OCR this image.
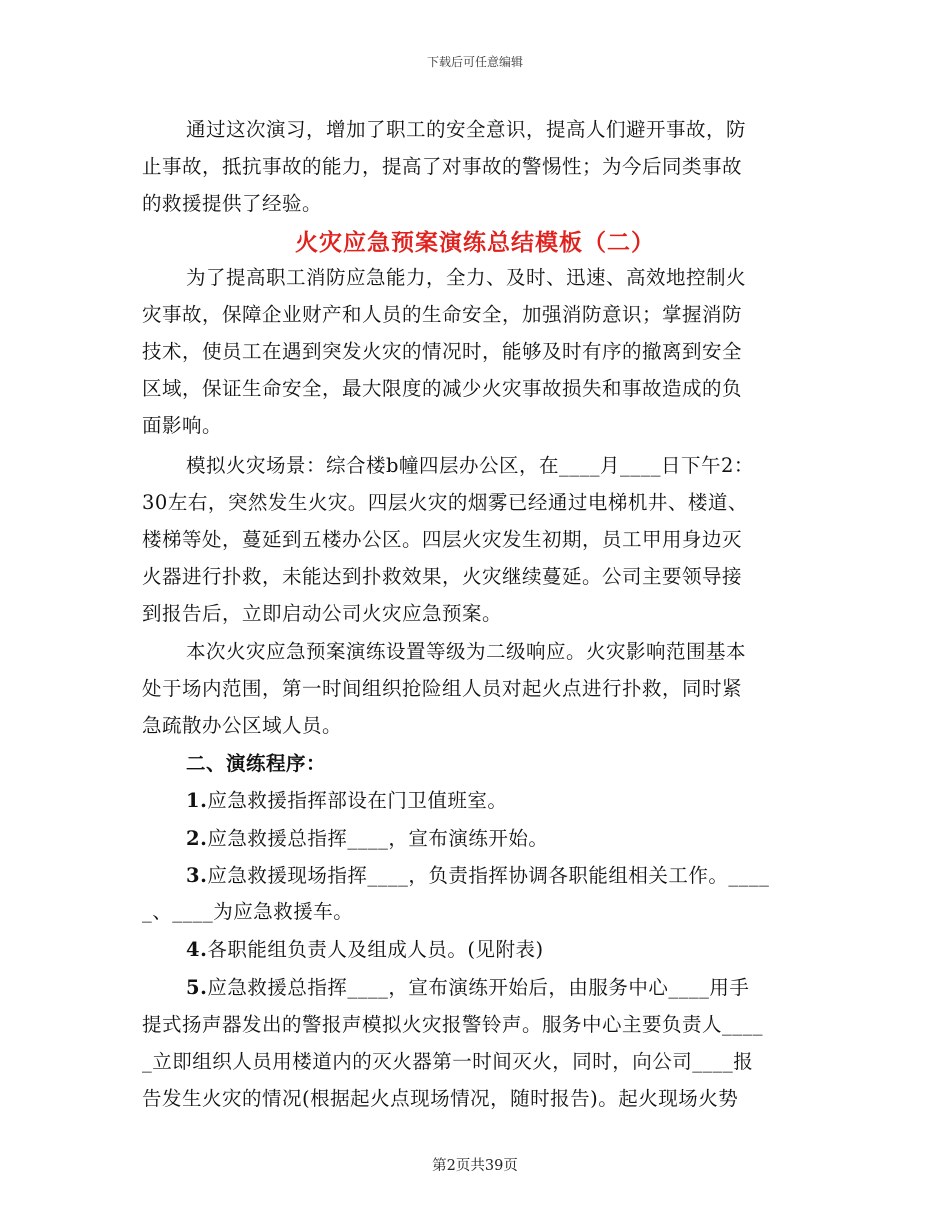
下载后可任意编辑
通过这次演习，增加了职工的安全意识，提高人们避开事故，防
止事故，抵抗事故的能力，提高了对事故的警惕性；为今后同类事故
的救援提供了经验。
火灾应急预案演练总结模板（二）
为了提高职工消防应急能力，全力、及时、迅速、高效地控制火
灾事故，保障企业财产和人员的生命安全，加强消防意识；掌握消防
技术，使员工在遇到突发火灾的情况时，能够及时有序的撤离到安全
区域，保证生命安全，最大限度的减少火灾事故损失和事故造成的负
面影响。
模拟火灾场景：综合楼b幢四层办公区，在____月____日下午2：
30左右，突然发生火灾。四层火灾的烟雾已经通过电梯机井、楼道、
楼梯等处，蔓延到五楼办公区。四层火灾发生初期，员工甲用身边灭
火器进行扑救，未能达到扑救效果，火灾继续蔓延。公司主要领导接
到报告后，立即启动公司火灾应急预案。
本次火灾应急预案演练设置等级为二级响应。火灾影响范围基本
处于场内范围，第一时间组织抢险组人员对起火点进行扑救，同时紧
急疏散办公区域人员。
二、演练程序：
1.应急救援指挥部设在门卫值班室。
2.应急救援总指挥____，宣布演练开始。
3.应急救援现场指挥____，负责指挥协调各职能组相关工作。____
_、____为应急救援车。
4.各职能组负责人及组成人员。(见附表)
5.应急救援总指挥____，宣布演练开始后，由服务中心____用手
提式扬声器发出的警报声模拟火灾报警铃声。服务中心主要负责人____
_立即组织人员用楼道内的灭火器第一时间灭火，同时，向公司____报
告发生火灾的情况(根据起火点现场情况，随时报告)。起火现场火势
第2页共39页
